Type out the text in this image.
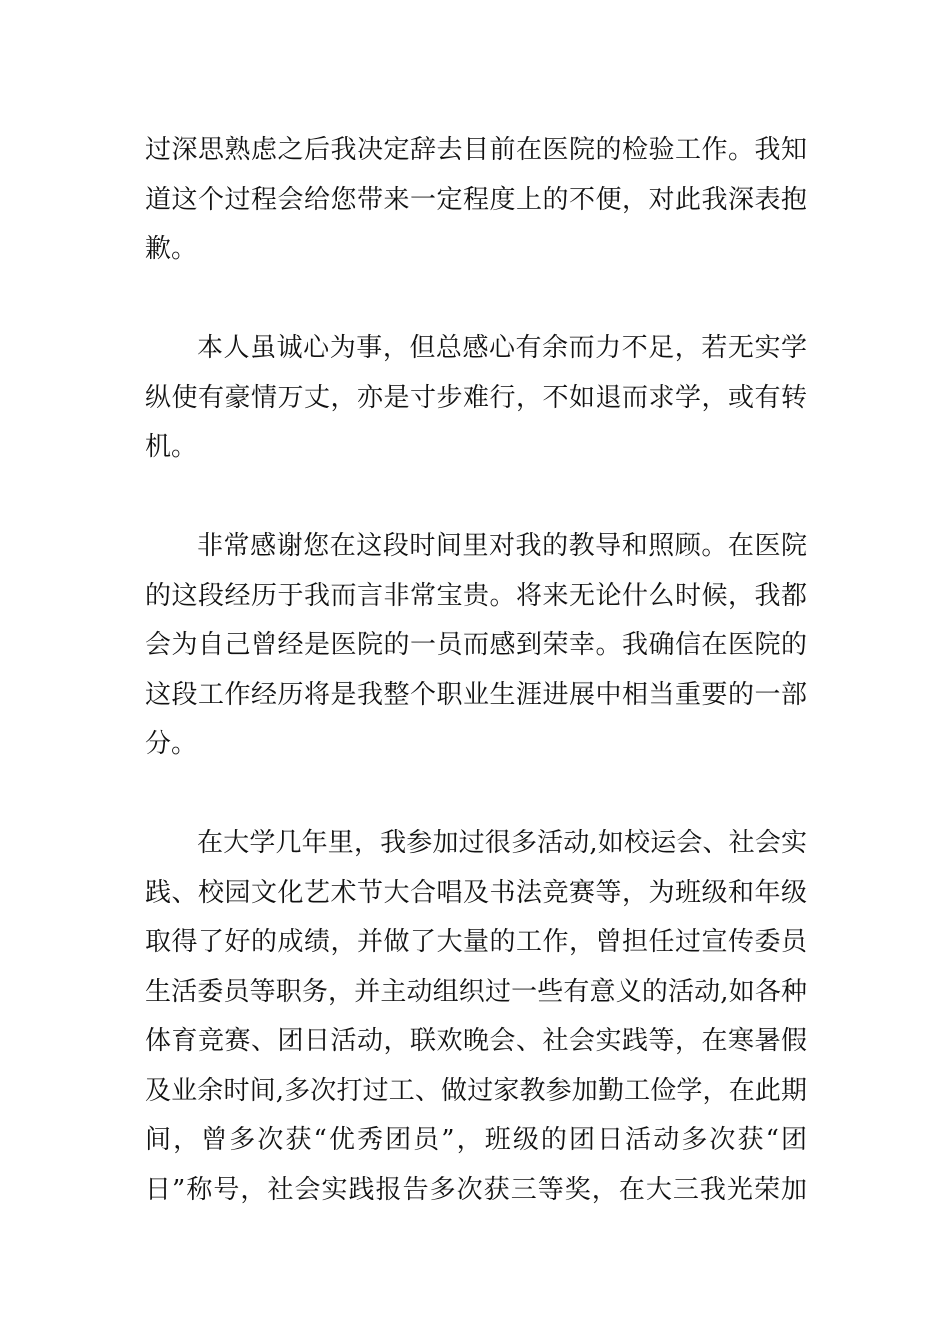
过深思熟虑之后我决定辞去目前在医院的检验工作。我知
道这个过程会给您带来一定程度上的不便，对此我深表抱
歉。
本人虽诚心为事，但总感心有余而力不足，若无实学
纵使有豪情万丈，亦是寸步难行，不如退而求学，或有转
机。
非常感谢您在这段时间里对我的教导和照顾。在医院
的这段经历于我而言非常宝贵。将来无论什么时候，我都
会为自己曾经是医院的一员而感到荣幸。我确信在医院的
这段工作经历将是我整个职业生涯进展中相当重要的一部
分。
在大学几年里，我参加过很多活动,如校运会、社会实
践、校园文化艺术节大合唱及书法竞赛等，为班级和年级
取得了好的成绩，并做了大量的工作，曾担任过宣传委员
生活委员等职务，并主动组织过一些有意义的活动,如各种
体育竞赛、团日活动，联欢晚会、社会实践等，在寒暑假
及业余时间,多次打过工、做过家教参加勤工俭学，在此期
间，曾多次获“优秀团员”，班级的团日活动多次获“团
日”称号，社会实践报告多次获三等奖，在大三我光荣加
